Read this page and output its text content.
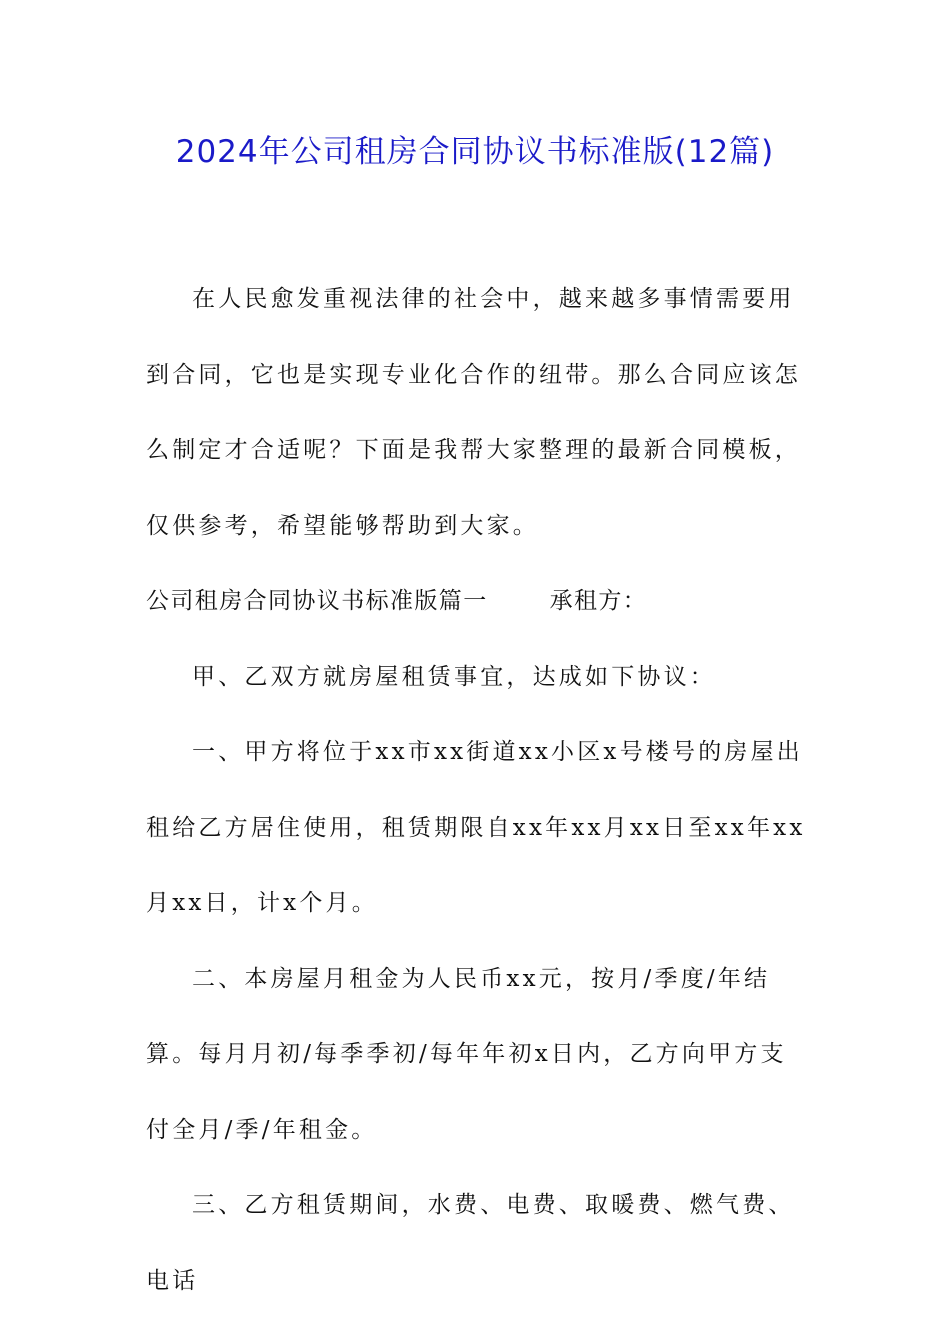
2024年公司租房合同协议书标准版(12篇)

在人民愈发重视法律的社会中，越来越多事情需要用到合同，它也是实现专业化合作的纽带。那么合同应该怎么制定才合适呢？下面是我帮大家整理的最新合同模板，仅供参考，希望能够帮助到大家。

公司租房合同协议书标准版篇一	承租方：

甲、乙双方就房屋租赁事宜，达成如下协议：

一、甲方将位于xx市xx街道xx小区x号楼号的房屋出租给乙方居住使用，租赁期限自xx年xx月xx日至xx年xx月xx日，计x个月。

二、本房屋月租金为人民币xx元，按月/季度/年结算。每月月初/每季季初/每年年初x日内，乙方向甲方支付全月/季/年租金。

三、乙方租赁期间，水费、电费、取暖费、燃气费、电话
